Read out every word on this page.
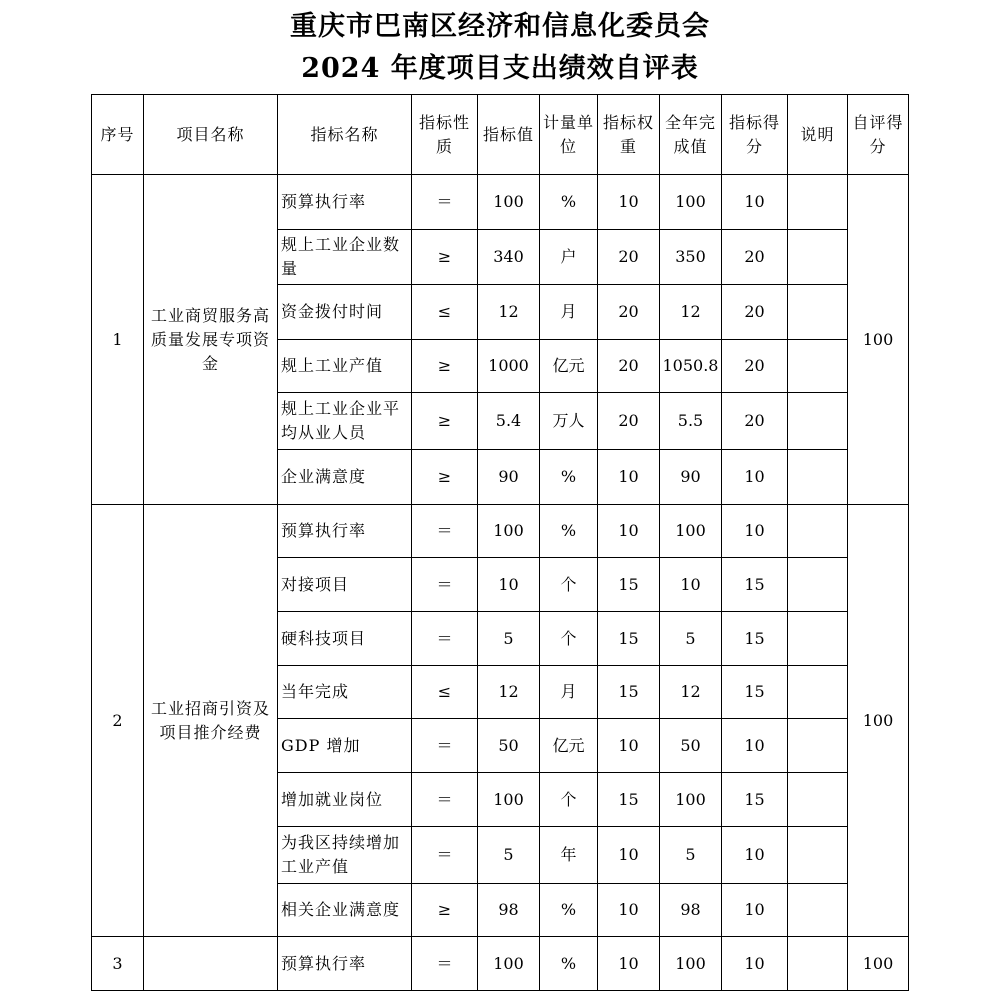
重庆市巴南区经济和信息化委员会
2024 年度项目支出绩效自评表
序号	项目名称	指标名称	指标性质	指标值	计量单位	指标权重	全年完成值	指标得分	说明	自评得分
1	工业商贸服务高质量发展专项资金	预算执行率	＝	100	%	10	100	10		100
		规上工业企业数量	≥	340	户	20	350	20		
		资金拨付时间	≤	12	月	20	12	20		
		规上工业产值	≥	1000	亿元	20	1050.8	20		
		规上工业企业平均从业人员	≥	5.4	万人	20	5.5	20		
		企业满意度	≥	90	%	10	90	10		
2	工业招商引资及项目推介经费	预算执行率	＝	100	%	10	100	10		100
		对接项目	＝	10	个	15	10	15		
		硬科技项目	＝	5	个	15	5	15		
		当年完成	≤	12	月	15	12	15		
		GDP 增加	＝	50	亿元	10	50	10		
		增加就业岗位	＝	100	个	15	100	15		
		为我区持续增加工业产值	＝	5	年	10	5	10		
		相关企业满意度	≥	98	%	10	98	10		
3		预算执行率	＝	100	%	10	100	10		100
